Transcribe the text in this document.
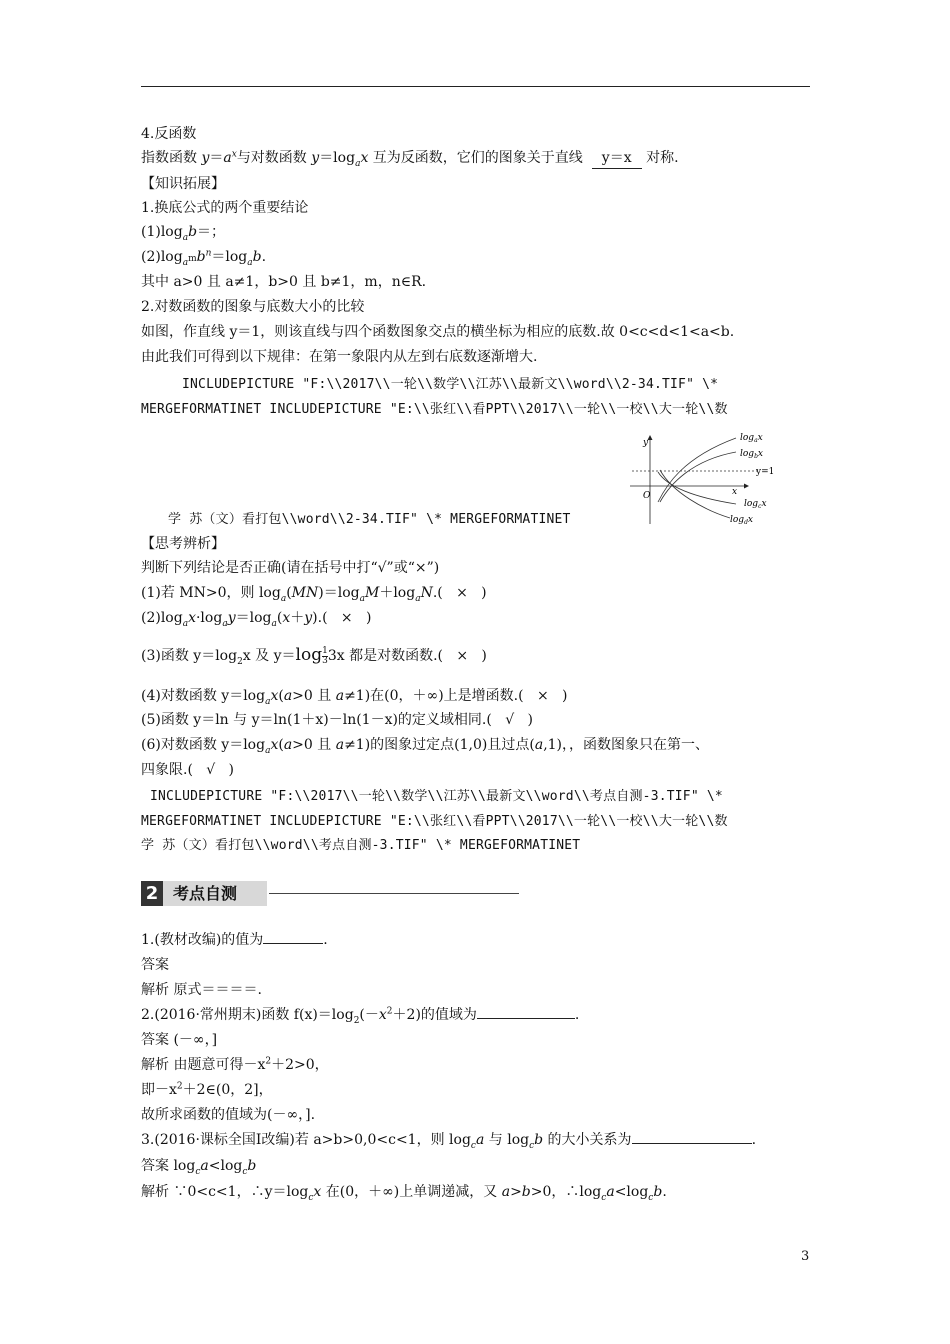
4.反函数
指数函数 $y=a^x$与对数函数 $y=\log_ax$ 互为反函数，它们的图象关于直线 y＝x 对称.
【知识拓展】
1.换底公式的两个重要结论
$(1)\log_ab=$；
$(2)\log_{a^m}b^n=\log_ab$.
其中 a>0 且 a≠1，b>0 且 b≠1，m，n∈R.
2.对数函数的图象与底数大小的比较
如图，作直线 y＝1，则该直线与四个函数图象交点的横坐标为相应的底数.故 0<c<d<1<a<b.
由此我们可得到以下规律：在第一象限内从左到右底数逐渐增大.
INCLUDEPICTURE "F:\\2017\\一轮\\数学\\江苏\\最新文\\word\\2-34.TIF" \*
MERGEFORMATINET INCLUDEPICTURE "E:\\张红\\看PPT\\2017\\一轮\\一校\\大一轮\\数
$\log_ax$
$\log_bx$
y=1
$\log_cx$
$\log_dx$
x
y
O
学 苏（文）看打包\\word\\2-34.TIF" \* MERGEFORMATINET
【思考辨析】
判断下列结论是否正确(请在括号中打“√”或“×”)
(1)若 MN>0，则 $\log_a(MN)=\log_aM+\log_aN$.(   ×   )
$(2)\log_ax\cdot\log_ay=\log_a(x+y)$.(   ×   )
(3)函数 $y=\log_2x$ 及 $y=\log \frac{1}{3} 3x$ 都是对数函数.( ×   )
(4)对数函数 $y=\log_ax(a>0$ 且 a≠1)在(0，＋∞)上是增函数.(   ×   )
(5)函数 y＝ln 与 y＝ln(1＋x)－ln(1－x)的定义域相同.( √   )
(6)对数函数 $y=\log_ax(a>0$ 且 a≠1)的图象过定点(1,0)且过点(a,1)，，函数图象只在第一、
四象限.( √   )
INCLUDEPICTURE "F:\\2017\\一轮\\数学\\江苏\\最新文\\word\\考点自测-3.TIF" \*
MERGEFORMATINET INCLUDEPICTURE "E:\\张红\\看PPT\\2017\\一轮\\一校\\大一轮\\数
学 苏（文）看打包\\word\\考点自测-3.TIF" \* MERGEFORMATINET
2 考点自测
1.(教材改编)的值为	.
答案
解析 原式＝＝＝＝.
2.(2016·常州期末)函数 $f(x)=\log_2(-x^2+2)$的值域为	.
答案 (－∞，]
解析 由题意可得$-x^2+2>0$，
即$-x^2+2\in(0$，2]，
故所求函数的值域为(－∞，].
3.(2016·课标全国Ⅰ改编)若 a>b>0,0<c<1，则 $\log_ca$ 与 $\log_cb$ 的大小关系为	.
答案 $\log_ca<\log_cb$
解析 ∵0<c<1，$\therefore y=\log_cx$ 在(0，＋∞)上单调递减，又 a>b>0，$\therefore\log_ca<\log_cb$.
3
